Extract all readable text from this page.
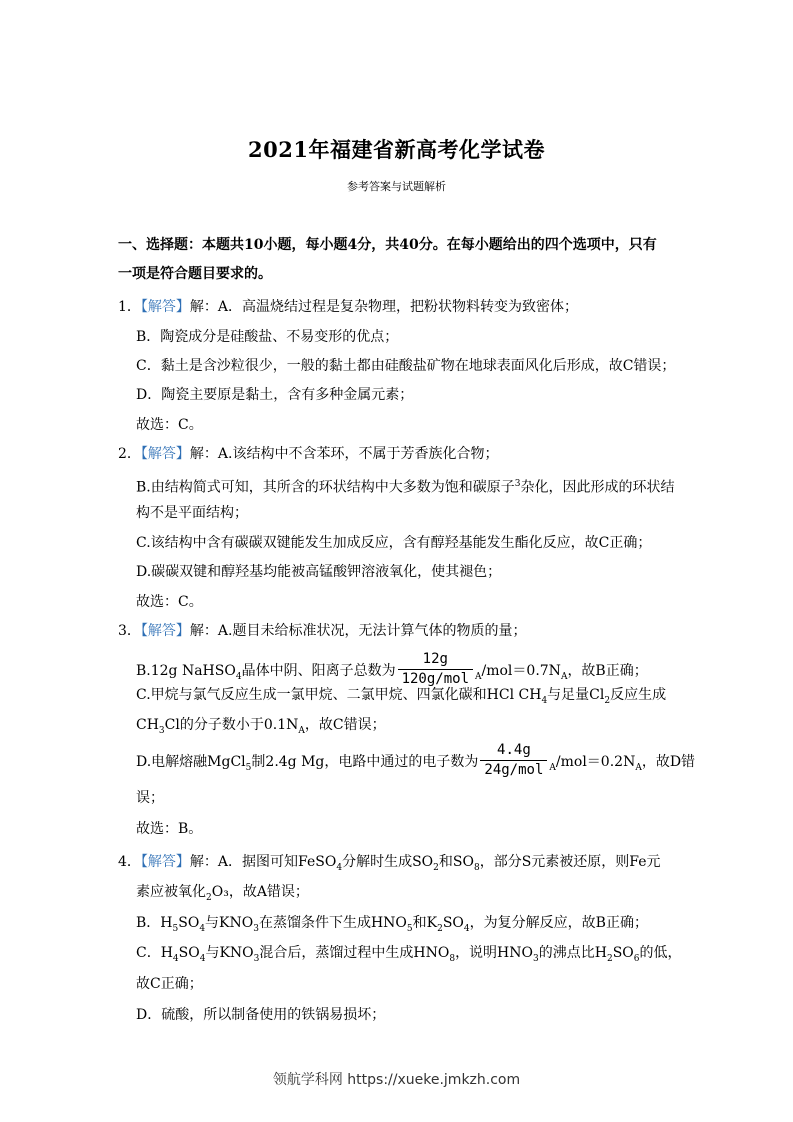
2021年福建省新高考化学试卷
参考答案与试题解析
一、选择题：本题共10小题，每小题4分，共40分。在每小题给出的四个选项中，只有
一项是符合题目要求的。
1．【解答】解：A．高温烧结过程是复杂物理，把粉状物料转变为致密体；
B．陶瓷成分是硅酸盐、不易变形的优点；
C．黏土是含沙粒很少，一般的黏土都由硅酸盐矿物在地球表面风化后形成，故C错误；
D．陶瓷主要原是黏土，含有多种金属元素；
故选：C。
2．【解答】解：A.该结构中不含苯环，不属于芳香族化合物；
B.由结构简式可知，其所含的环状结构中大多数为饱和碳原子$^3$杂化，因此形成的环状结
构不是平面结构；
C.该结构中含有碳碳双键能发生加成反应，含有醇羟基能发生酯化反应，故C正确；
D.碳碳双键和醇羟基均能被高锰酸钾溶液氧化，使其褪色；
故选：C。
3．【解答】解：A.题目未给标准状况，无法计算气体的物质的量；
B.12g NaHSO$_4$晶体中阴、阳离子总数为 $\frac{12g}{\text{120g/mol}} _A/mol=0.7N_A$，故B正确；
C.甲烷与氯气反应生成一氯甲烷、二氯甲烷、四氯化碳和HCl $CH_4$与足量$Cl_2$反应生成
$CH_3Cl$的分子数小于$0.1N_A$，故C错误；
D.电解熔融MgCl$_5$制2.4g Mg，电路中通过的电子数为 $\frac{4.4g}{\text{24g/mol}} _A/mol=0.2N_A$，故D错
误；
故选：B。
4．【解答】解：A．据图可知FeSO$_4$分解时生成$SO_2$和$SO_8$，部分S元素被还原，则Fe元
素应被氧化$_2$O₃，故A错误；
B．$H_5SO_4$与$KNO_3$在蒸馏条件下生成$HNO_5$和$K_2SO_4$，为复分解反应，故B正确；
C．$H_4SO_4$与$KNO_3$混合后，蒸馏过程中生成$HNO_8$，说明$HNO_3$的沸点比$H_2SO_6$的低，
故C正确；
D．硫酸，所以制备使用的铁锅易损坏；
领航学科网 https://xueke.jmkzh.com
